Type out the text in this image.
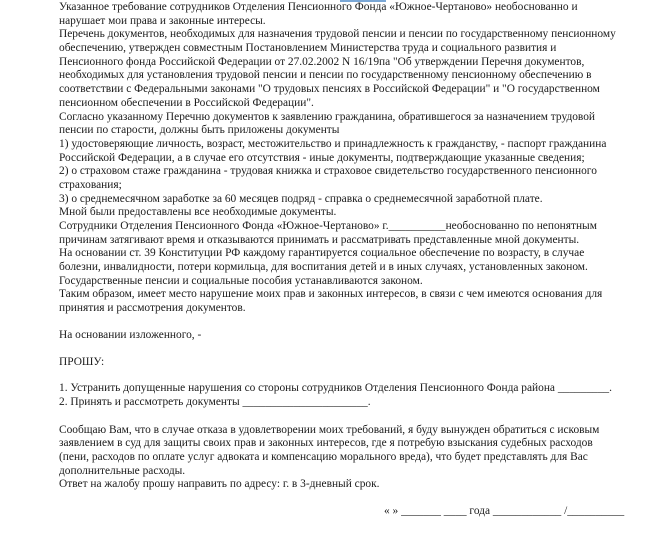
Указанное требование сотрудников Отделения Пенсионного Фонда «Южное-Чертаново» необоснованно и
нарушает мои права и законные интересы.
Перечень документов, необходимых для назначения трудовой пенсии и пенсии по государственному пенсионному
обеспечению, утвержден совместным Постановлением Министерства труда и социального развития и
Пенсионного фонда Российской Федерации от 27.02.2002 N 16/19па "Об утверждении Перечня документов,
необходимых для установления трудовой пенсии и пенсии по государственному пенсионному обеспечению в
соответствии с Федеральными законами "О трудовых пенсиях в Российской Федерации" и "О государственном
пенсионном обеспечении в Российской Федерации".
Согласно указанному Перечню документов к заявлению гражданина, обратившегося за назначением трудовой
пенсии по старости, должны быть приложены документы
1) удостоверяющие личность, возраст, местожительство и принадлежность к гражданству, - паспорт гражданина
Российской Федерации, а в случае его отсутствия - иные документы, подтверждающие указанные сведения;
2) о страховом стаже гражданина - трудовая книжка и страховое свидетельство государственного пенсионного
страхования;
3) о среднемесячном заработке за 60 месяцев подряд - справка о среднемесячной заработной плате.
Мной были предоставлены все необходимые документы.
Сотрудники Отделения Пенсионного Фонда «Южное-Чертаново» г.__________необоснованно по непонятным
причинам затягивают время и отказываются принимать и рассматривать представленные мной документы.
На основании ст. 39 Конституции РФ каждому гарантируется социальное обеспечение по возрасту, в случае
болезни, инвалидности, потери кормильца, для воспитания детей и в иных случаях, установленных законом.
Государственные пенсии и социальные пособия устанавливаются законом.
Таким образом, имеет место нарушение моих прав и законных интересов, в связи с чем имеются основания для
принятия и рассмотрения документов.
На основании изложенного, -
ПРОШУ:
1. Устранить допущенные нарушения со стороны сотрудников Отделения Пенсионного Фонда района _________.
2. Принять и рассмотреть документы ______________________.
Сообщаю Вам, что в случае отказа в удовлетворении моих требований, я буду вынужден обратиться с исковым
заявлением в суд для защиты своих прав и законных интересов, где я потребую взыскания судебных расходов
(пени, расходов по оплате услуг адвоката и компенсацию морального вреда), что будет представлять для Вас
дополнительные расходы.
Ответ на жалобу прошу направить по адресу: г. в 3-дневный срок.
« » _______ ____ года ____________ /__________
